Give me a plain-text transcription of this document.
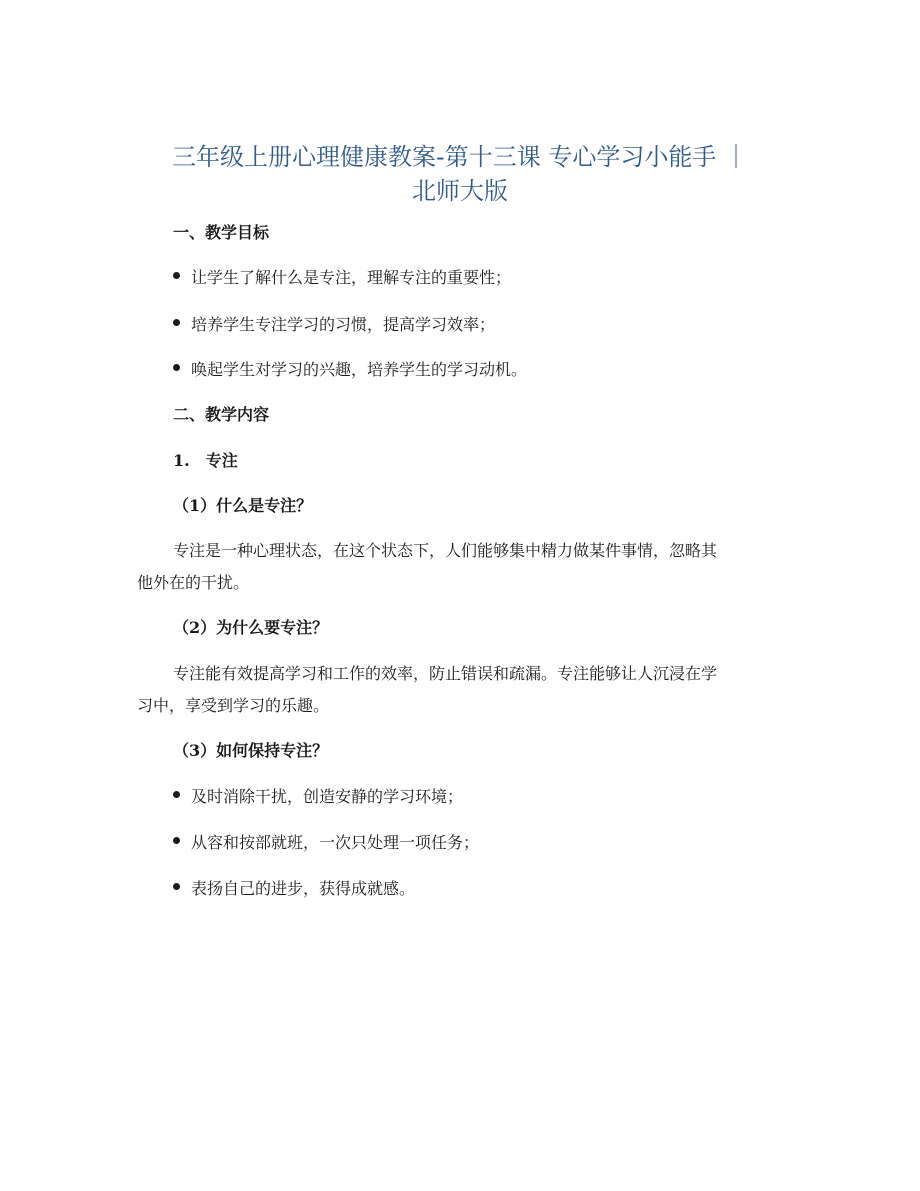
三年级上册心理健康教案-第十三课 专心学习小能手 ｜
北师大版
一、教学目标
让学生了解什么是专注，理解专注的重要性；
培养学生专注学习的习惯，提高学习效率；
唤起学生对学习的兴趣，培养学生的学习动机。
二、教学内容
1. 专注
（1）什么是专注？
专注是一种心理状态，在这个状态下，人们能够集中精力做某件事情，忽略其
他外在的干扰。
（2）为什么要专注？
专注能有效提高学习和工作的效率，防止错误和疏漏。专注能够让人沉浸在学
习中，享受到学习的乐趣。
（3）如何保持专注？
及时消除干扰，创造安静的学习环境；
从容和按部就班，一次只处理一项任务；
表扬自己的进步，获得成就感。
